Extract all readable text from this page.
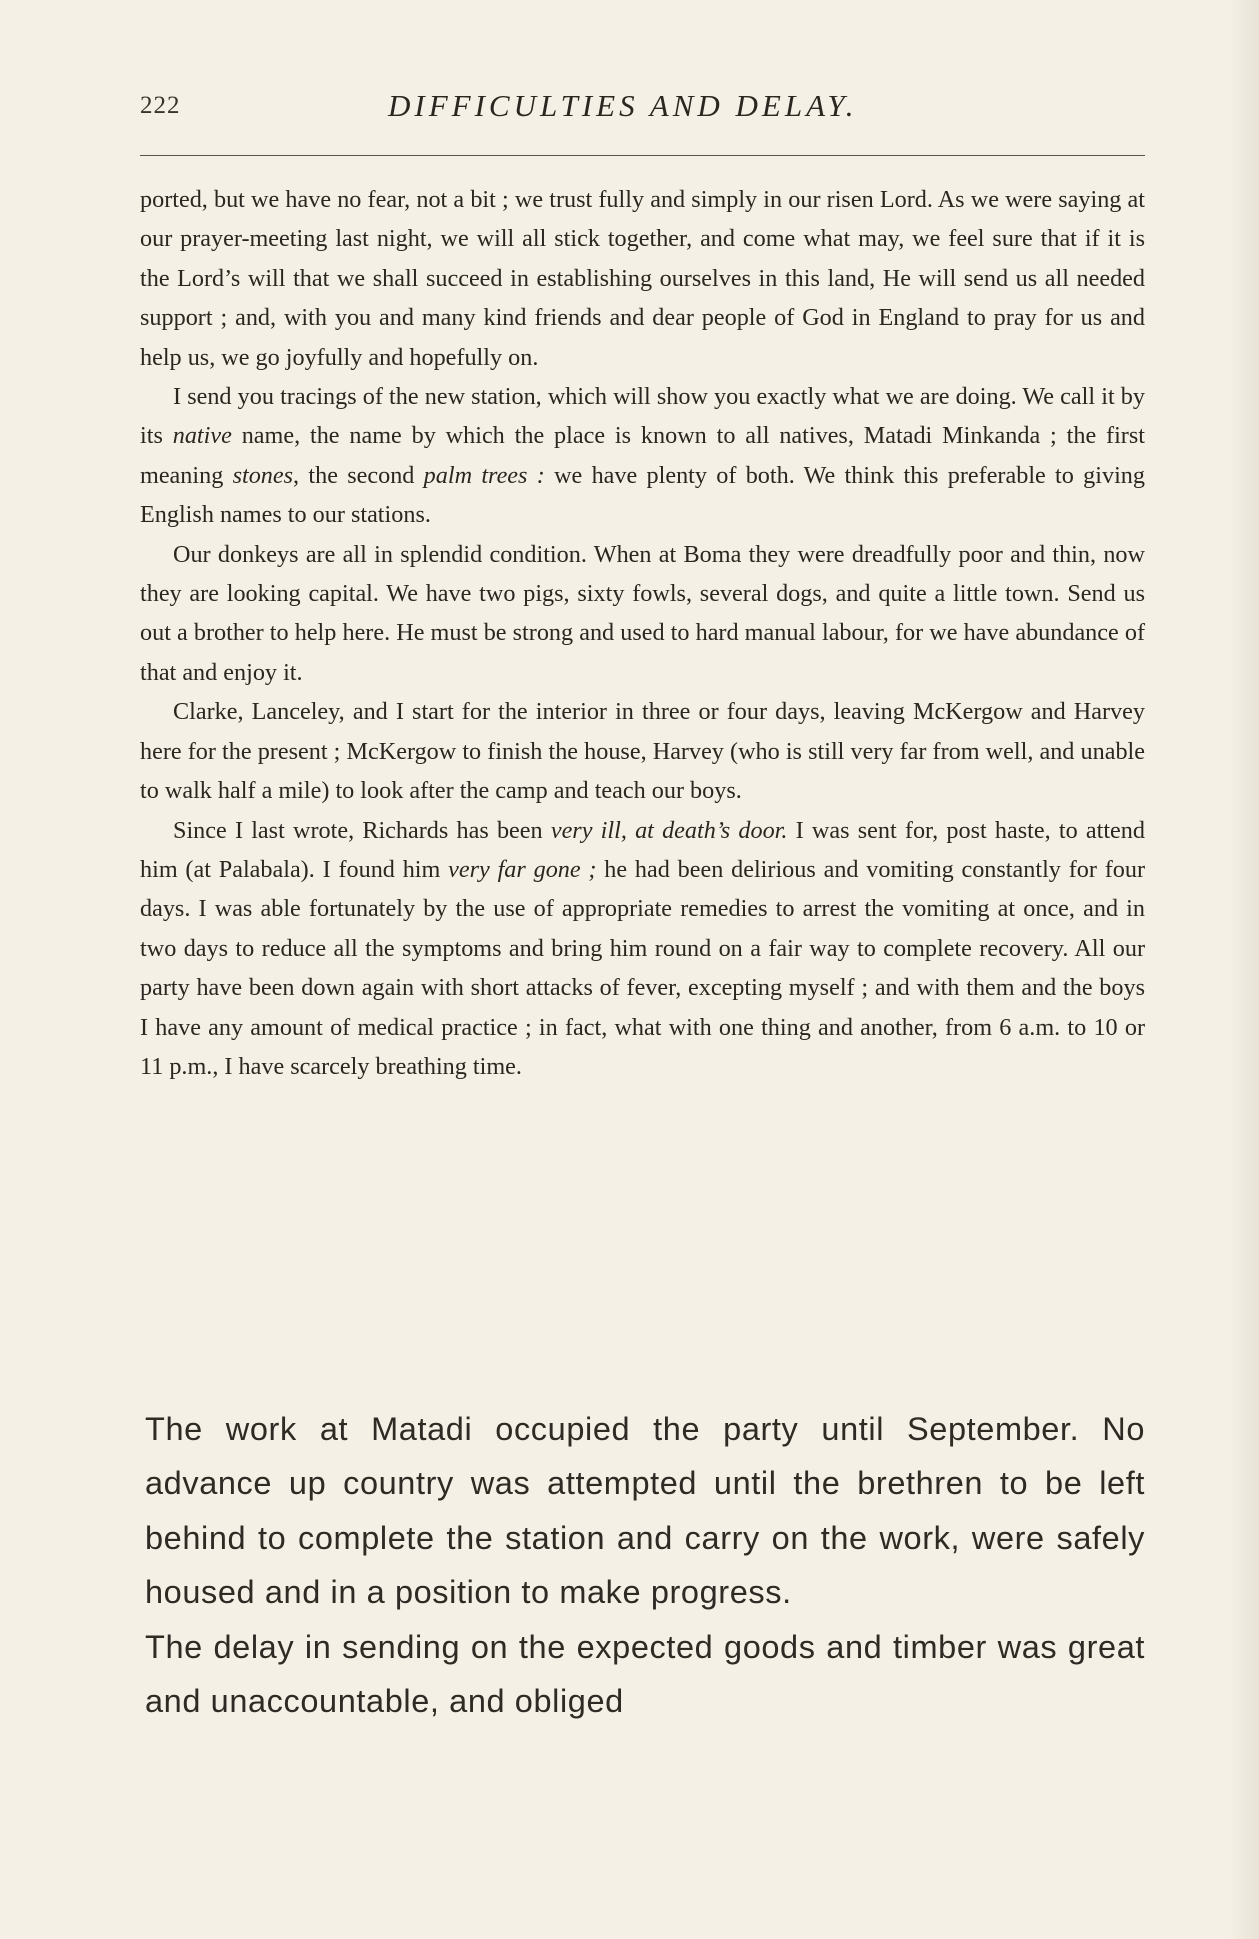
222	DIFFICULTIES AND DELAY.

ported, but we have no fear, not a bit ; we trust fully and simply in our risen Lord. As we were saying at our prayer-meeting last night, we will all stick together, and come what may, we feel sure that if it is the Lord’s will that we shall succeed in establishing ourselves in this land, He will send us all needed support ; and, with you and many kind friends and dear people of God in England to pray for us and help us, we go joyfully and hopefully on.

I send you tracings of the new station, which will show you exactly what we are doing. We call it by its native name, the name by which the place is known to all natives, Matadi Minkanda ; the first meaning stones, the second palm trees : we have plenty of both. We think this preferable to giving English names to our stations.

Our donkeys are all in splendid condition. When at Boma they were dreadfully poor and thin, now they are looking capital. We have two pigs, sixty fowls, several dogs, and quite a little town. Send us out a brother to help here. He must be strong and used to hard manual labour, for we have abundance of that and enjoy it.

Clarke, Lanceley, and I start for the interior in three or four days, leaving McKergow and Harvey here for the present ; McKergow to finish the house, Harvey (who is still very far from well, and unable to walk half a mile) to look after the camp and teach our boys.

Since I last wrote, Richards has been very ill, at death’s door. I was sent for, post haste, to attend him (at Palabala). I found him very far gone ; he had been delirious and vomiting constantly for four days. I was able fortunately by the use of appropriate remedies to arrest the vomiting at once, and in two days to reduce all the symptoms and bring him round on a fair way to complete recovery. All our party have been down again with short attacks of fever, excepting myself ; and with them and the boys I have any amount of medical practice ; in fact, what with one thing and another, from 6 a.m. to 10 or 11 p.m., I have scarcely breathing time.

The work at Matadi occupied the party until September. No advance up country was attempted until the brethren to be left behind to complete the station and carry on the work, were safely housed and in a position to make progress.

The delay in sending on the expected goods and timber was great and unaccountable, and obliged
